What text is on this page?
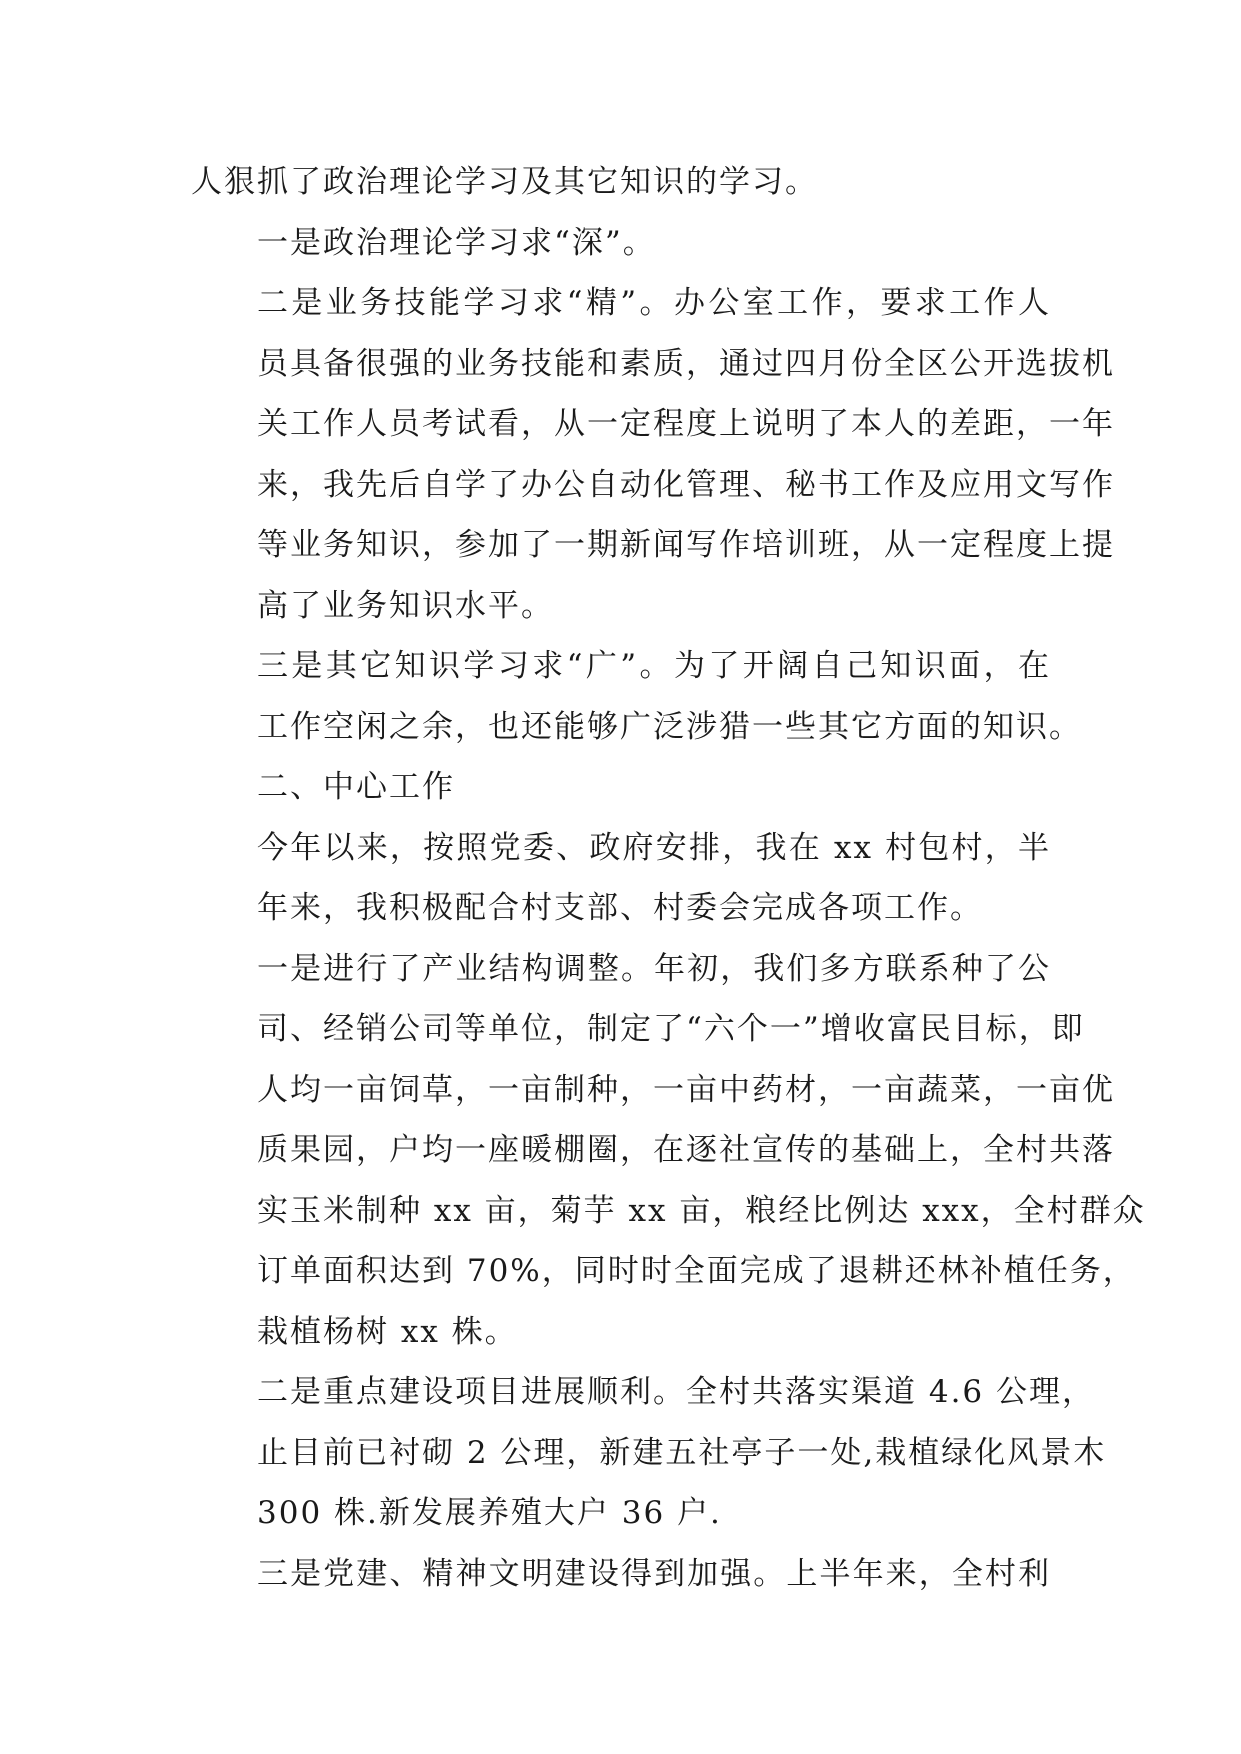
人狠抓了政治理论学习及其它知识的学习。

一是政治理论学习求“深”。

二是业务技能学习求“精”。办公室工作，要求工作人
员具备很强的业务技能和素质，通过四月份全区公开选拔机
关工作人员考试看，从一定程度上说明了本人的差距，一年
来，我先后自学了办公自动化管理、秘书工作及应用文写作
等业务知识，参加了一期新闻写作培训班，从一定程度上提
高了业务知识水平。

三是其它知识学习求“广”。为了开阔自己知识面，在
工作空闲之余，也还能够广泛涉猎一些其它方面的知识。

二、中心工作

今年以来，按照党委、政府安排，我在 xx 村包村，半
年来，我积极配合村支部、村委会完成各项工作。

一是进行了产业结构调整。年初，我们多方联系种了公
司、经销公司等单位，制定了“六个一”增收富民目标，即
人均一亩饲草，一亩制种，一亩中药材，一亩蔬菜，一亩优
质果园，户均一座暖棚圈，在逐社宣传的基础上，全村共落
实玉米制种 xx 亩，菊芋 xx 亩，粮经比例达 xxx，全村群众
订单面积达到 70%，同时时全面完成了退耕还林补植任务，
栽植杨树 xx 株。

二是重点建设项目进展顺利。全村共落实渠道 4.6 公理，
止目前已衬砌 2 公理，新建五社亭子一处,栽植绿化风景木
300 株.新发展养殖大户 36 户.

三是党建、精神文明建设得到加强。上半年来，全村利
